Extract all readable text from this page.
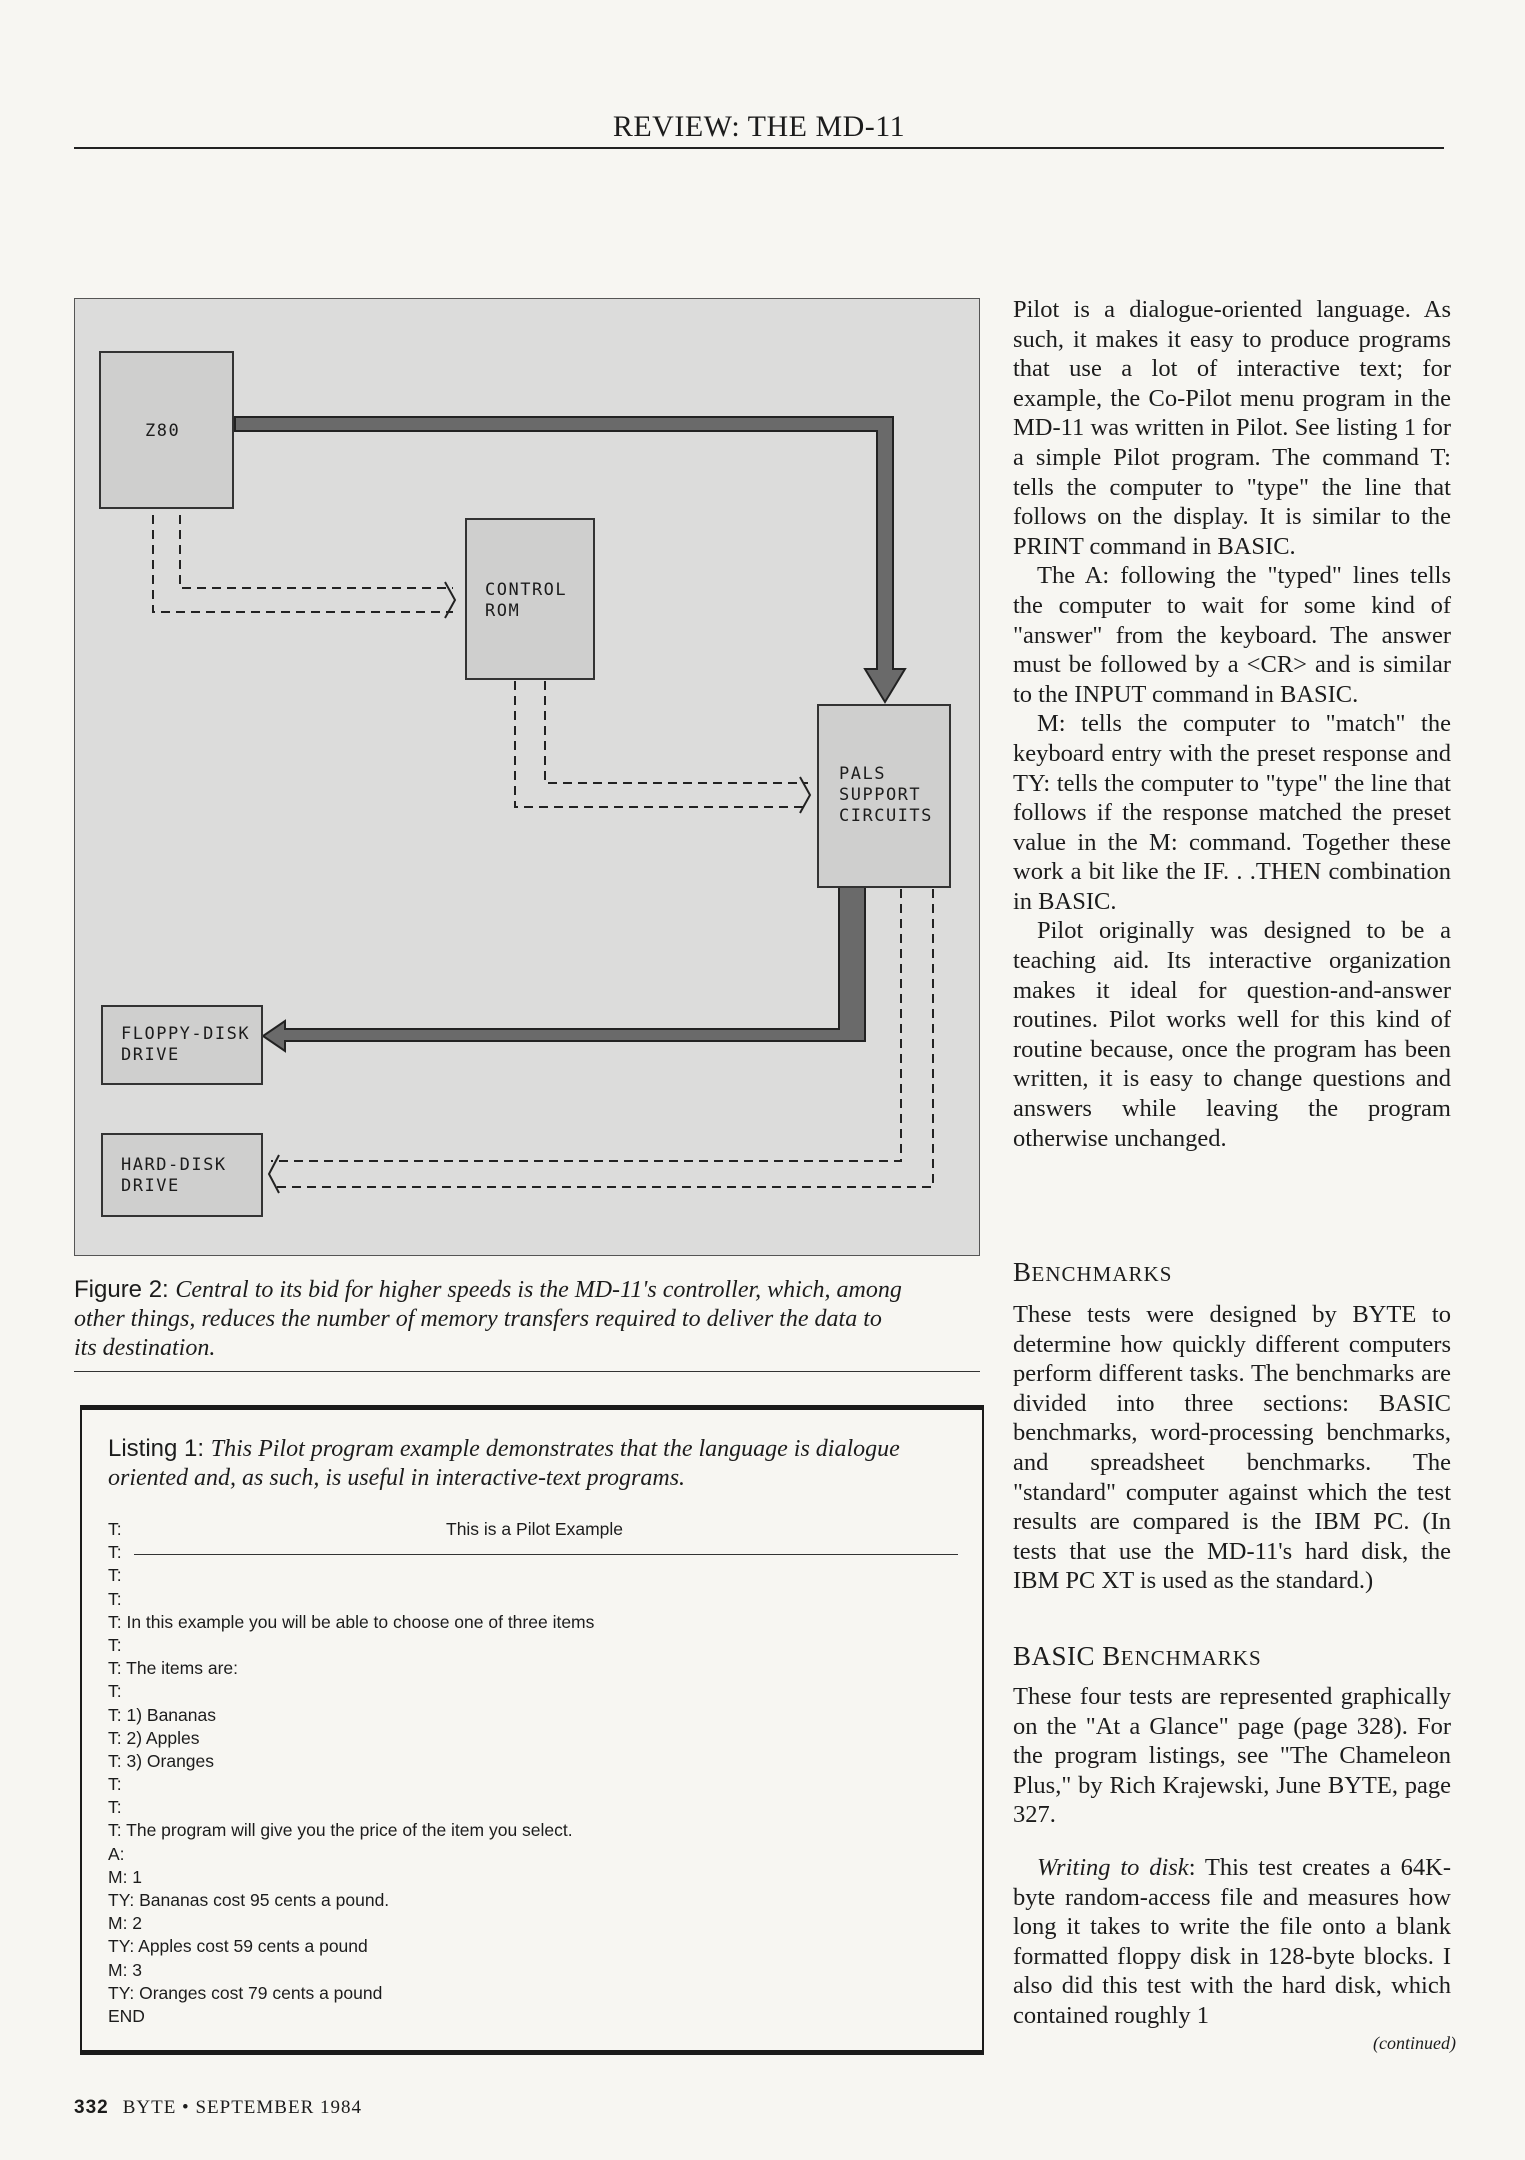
REVIEW: THE MD-11

Z80

CONTROL
ROM

PALS
SUPPORT
CIRCUITS

FLOPPY-DISK
DRIVE

HARD-DISK
DRIVE

Figure 2: Central to its bid for higher speeds is the MD-11's controller, which, among other things, reduces the number of memory transfers required to deliver the data to its destination.
Listing 1: This Pilot program example demonstrates that the language is dialogue oriented and, as such, is useful in interactive-text programs.
T:	This is a Pilot Example
T:
T:
T:
T: In this example you will be able to choose one of three items
T:
T: The items are:
T:
T: 1) Bananas
T: 2) Apples
T: 3) Oranges
T:
T:
T: The program will give you the price of the item you select.
A:
M: 1
TY: Bananas cost 95 cents a pound.
M: 2
TY: Apples cost 59 cents a pound
M: 3
TY: Oranges cost 79 cents a pound
END

Pilot is a dialogue-oriented language. As such, it makes it easy to produce programs that use a lot of interactive text; for example, the Co-Pilot menu program in the MD-11 was written in Pilot. See listing 1 for a simple Pilot program. The command T: tells the computer to "type" the line that follows on the display. It is similar to the PRINT command in BASIC.

The A: following the "typed" lines tells the computer to wait for some kind of "answer" from the keyboard. The answer must be followed by a <CR> and is similar to the INPUT command in BASIC.

M: tells the computer to "match" the keyboard entry with the preset response and TY: tells the computer to "type" the line that follows if the response matched the preset value in the M: command. Together these work a bit like the IF. . .THEN combination in BASIC.

Pilot originally was designed to be a teaching aid. Its interactive organization makes it ideal for question-and-answer routines. Pilot works well for this kind of routine because, once the program has been written, it is easy to change questions and answers while leaving the program otherwise unchanged.

BENCHMARKS

These tests were designed by BYTE to determine how quickly different computers perform different tasks. The benchmarks are divided into three sections: BASIC benchmarks, word-processing benchmarks, and spreadsheet benchmarks. The "standard" computer against which the test results are compared is the IBM PC. (In tests that use the MD-11's hard disk, the IBM PC XT is used as the standard.)

BASIC BENCHMARKS

These four tests are represented graphically on the "At a Glance" page (page 328). For the program listings, see "The Chameleon Plus," by Rich Krajewski, June BYTE, page 327.

Writing to disk: This test creates a 64K-byte random-access file and measures how long it takes to write the file onto a blank formatted floppy disk in 128-byte blocks. I also did this test with the hard disk, which contained roughly 1

(continued)
332 BYTE • SEPTEMBER 1984
